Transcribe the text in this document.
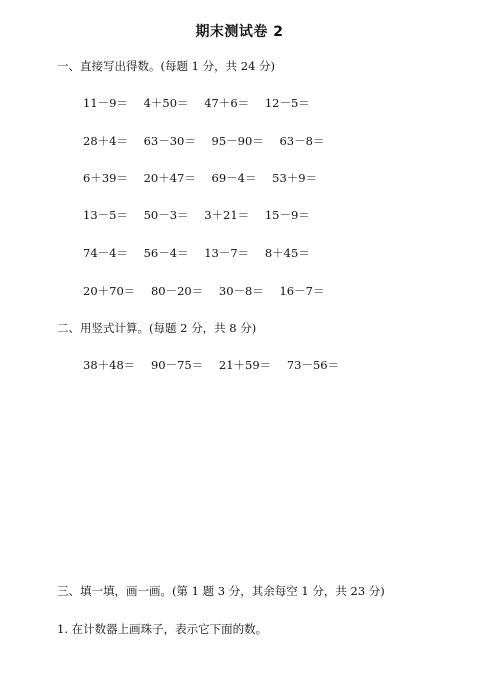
期末测试卷 2
一、直接写出得数。(每题 1 分，共 24 分)
11－9＝ 4＋50＝ 47＋6＝ 12－5＝
28＋4＝ 63－30＝ 95－90＝ 63－8＝
6＋39＝ 20＋47＝ 69－4＝ 53＋9＝
13－5＝ 50－3＝ 3＋21＝ 15－9＝
74－4＝ 56－4＝ 13－7＝ 8＋45＝
20＋70＝ 80－20＝ 30－8＝ 16－7＝
二、用竖式计算。(每题 2 分，共 8 分)
38＋48＝ 90－75＝ 21＋59＝ 73－56＝
三、填一填，画一画。(第 1 题 3 分，其余每空 1 分，共 23 分)
1. 在计数器上画珠子，表示它下面的数。
